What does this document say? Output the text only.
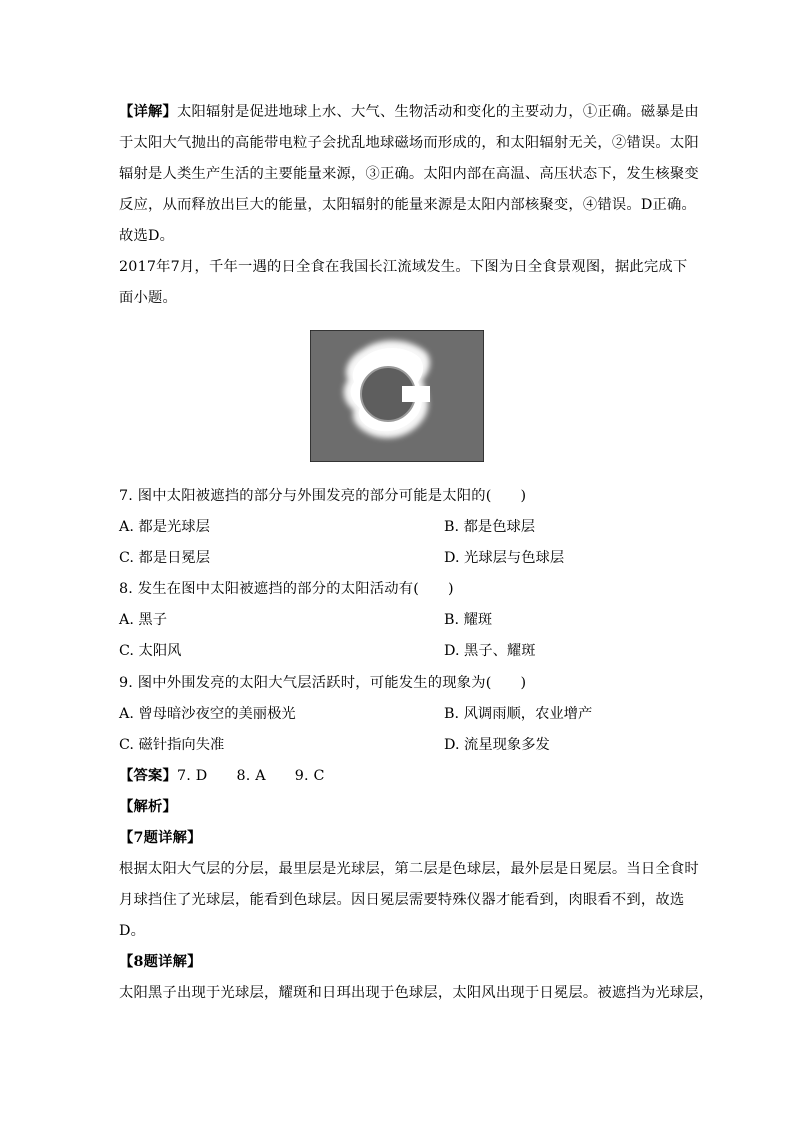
【详解】太阳辐射是促进地球上水、大气、生物活动和变化的主要动力，①正确。磁暴是由
于太阳大气抛出的高能带电粒子会扰乱地球磁场而形成的，和太阳辐射无关，②错误。太阳
辐射是人类生产生活的主要能量来源，③正确。太阳内部在高温、高压状态下，发生核聚变
反应，从而释放出巨大的能量，太阳辐射的能量来源是太阳内部核聚变，④错误。D正确。
故选D。
2017年7月，千年一遇的日全食在我国长江流域发生。下图为日全食景观图，据此完成下
面小题。
7. 图中太阳被遮挡的部分与外围发亮的部分可能是太阳的(　　)
A. 都是光球层	B. 都是色球层
C. 都是日冕层	D. 光球层与色球层
8. 发生在图中太阳被遮挡的部分的太阳活动有(　　)
A. 黑子	B. 耀斑
C. 太阳风	D. 黑子、耀斑
9. 图中外围发亮的太阳大气层活跃时，可能发生的现象为(　　)
A. 曾母暗沙夜空的美丽极光	B. 风调雨顺，农业增产
C. 磁针指向失准	D. 流星现象多发
【答案】7. D　　8. A　　9. C
【解析】
【7题详解】
根据太阳大气层的分层，最里层是光球层，第二层是色球层，最外层是日冕层。当日全食时
月球挡住了光球层，能看到色球层。因日冕层需要特殊仪器才能看到，肉眼看不到，故选
D。
【8题详解】
太阳黑子出现于光球层，耀斑和日珥出现于色球层，太阳风出现于日冕层。被遮挡为光球层，
